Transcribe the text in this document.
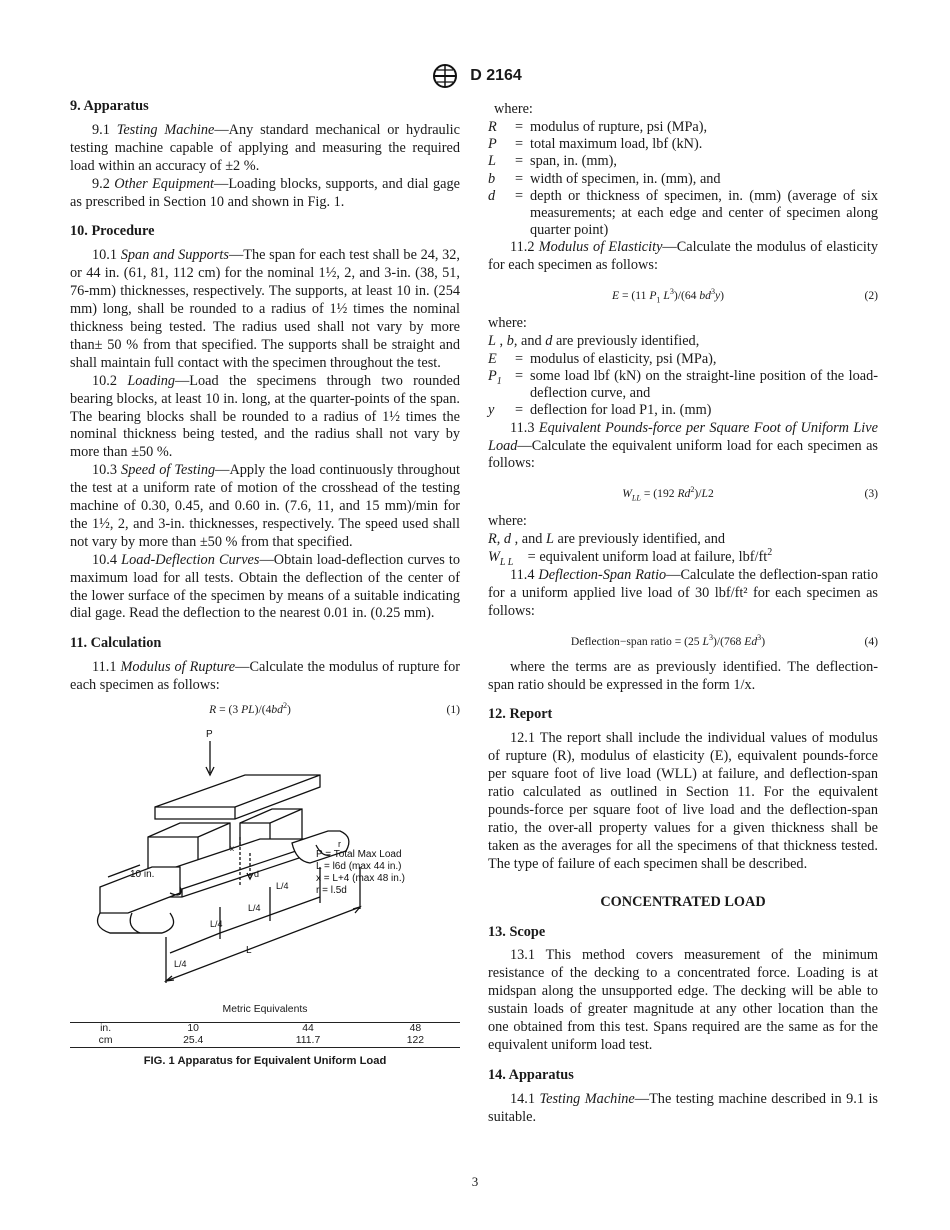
D 2164
9. Apparatus

9.1 Testing Machine—Any standard mechanical or hydraulic testing machine capable of applying and measuring the required load within an accuracy of ±2 %.

9.2 Other Equipment—Loading blocks, supports, and dial gage as prescribed in Section 10 and shown in Fig. 1.

10. Procedure

10.1 Span and Supports—The span for each test shall be 24, 32, or 44 in. (61, 81, 112 cm) for the nominal 1½, 2, and 3-in. (38, 51, 76-mm) thicknesses, respectively. The supports, at least 10 in. (254 mm) long, shall be rounded to a radius of 1½ times the nominal thickness being tested. The radius used shall not vary by more than± 50 % from that specified. The supports shall be straight and shall maintain full contact with the specimen throughout the test.

10.2 Loading—Load the specimens through two rounded bearing blocks, at least 10 in. long, at the quarter-points of the span. The bearing blocks shall be rounded to a radius of 1½ times the nominal thickness being tested, and the radius shall not vary by more than ±50 %.

10.3 Speed of Testing—Apply the load continuously throughout the test at a uniform rate of motion of the crosshead of the testing machine of 0.30, 0.45, and 0.60 in. (7.6, 11, and 15 mm)/min for the 1½, 2, and 3-in. thicknesses, respectively. The speed used shall not vary by more than ±50 % from that specified.

10.4 Load-Deflection Curves—Obtain load-deflection curves to maximum load for all tests. Obtain the deflection of the center of the lower surface of the specimen by means of a suitable indicating dial gage. Read the deflection to the nearest 0.01 in. (0.25 mm).

11. Calculation

11.1 Modulus of Rupture—Calculate the modulus of rupture for each specimen as follows:

R = (3 $PL)/(4bd^2)$	(1)
P
10 in.
x
d
r
L
L/4
L/4
L/4
L/4
P = Total Max Load
L = l6d (max 44 in.)
x = L+4 (max 48 in.)
r = l.5d
Metric Equivalents
in.	10	44	48
cm	25.4	111.7	122
FIG. 1 Apparatus for Equivalent Uniform Load

where:

R	=	modulus of rupture, psi (MPa),
P	=	total maximum load, lbf (kN).
L	=	span, in. (mm),
b	=	width of specimen, in. (mm), and
d	=	depth or thickness of specimen, in. (mm) (average of six measurements; at each edge and center of specimen along quarter point)

11.2 Modulus of Elasticity—Calculate the modulus of elasticity for each specimen as follows:

E = (11 $P_1$ $L^3)/(64$ $bd^3y$)	(2)

where:

L , b, and d are previously identified,

E	=	modulus of elasticity, psi (MPa),
$P_1$	=	some load lbf (kN) on the straight-line position of the load-deflection curve, and
y	=	deflection for load P1, in. (mm)

11.3 Equivalent Pounds-force per Square Foot of Uniform Live Load—Calculate the equivalent uniform load for each specimen as follows:

$W_{LL} = (192$ Rd$^2$)/L2	(3)

where:

R, d , and L are previously identified, and

$W_{L L}$    = equivalent uniform load at failure, lbf/$ft^2$

11.4 Deflection-Span Ratio—Calculate the deflection-span ratio for a uniform applied live load of 30 lbf/ft² for each specimen as follows:

Deflection−span ratio = (25 $L^3)/(768$ Ed$^3$)	(4)

where the terms are as previously identified. The deflection-span ratio should be expressed in the form 1/x.

12. Report

12.1 The report shall include the individual values of modulus of rupture (R), modulus of elasticity (E), equivalent pounds-force per square foot of live load (WLL) at failure, and deflection-span ratio calculated as outlined in Section 11. For the equivalent pounds-force per square foot of live load and the deflection-span ratio, the over-all property values for a given thickness shall be taken as the averages for all the specimens of that thickness tested. The type of failure of each specimen shall be described.

CONCENTRATED LOAD

13. Scope

13.1 This method covers measurement of the minimum resistance of the decking to a concentrated force. Loading is at midspan along the unsupported edge. The decking will be able to sustain loads of greater magnitude at any other location than the one obtained from this test. Spans required are the same as for the equivalent uniform load test.

14. Apparatus

14.1 Testing Machine—The testing machine described in 9.1 is suitable.

3
